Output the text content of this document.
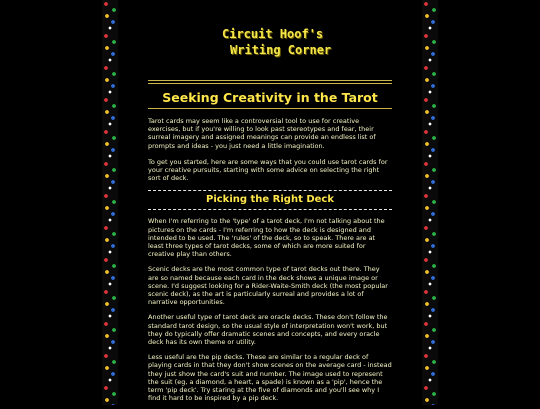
Circuit Hoof's
Writing Corner
Seeking Creativity in the Tarot

Tarot cards may seem like a controversial tool to use for creative exercises, but if you're willing to look past stereotypes and fear, their surreal imagery and assigned meanings can provide an endless list of prompts and ideas - you just need a little imagination.

To get you started, here are some ways that you could use tarot cards for your creative pursuits, starting with some advice on selecting the right sort of deck.

Picking the Right Deck

When I'm referring to the 'type' of a tarot deck, I'm not talking about the pictures on the cards - I'm referring to how the deck is designed and intended to be used. The 'rules' of the deck, so to speak. There are at least three types of tarot decks, some of which are more suited for creative play than others.

Scenic decks are the most common type of tarot decks out there. They are so named because each card in the deck shows a unique image or scene. I'd suggest looking for a Rider-Waite-Smith deck (the most popular scenic deck), as the art is particularly surreal and provides a lot of narrative opportunities.

Another useful type of tarot deck are oracle decks. These don't follow the standard tarot design, so the usual style of interpretation won't work, but they do typically offer dramatic scenes and concepts, and every oracle deck has its own theme or utility.

Less useful are the pip decks. These are similar to a regular deck of playing cards in that they don't show scenes on the average card - instead they just show the card's suit and number. The image used to represent the suit (eg, a diamond, a heart, a spade) is known as a 'pip', hence the term 'pip deck'. Try staring at the five of diamonds and you'll see why I find it hard to be inspired by a pip deck.
